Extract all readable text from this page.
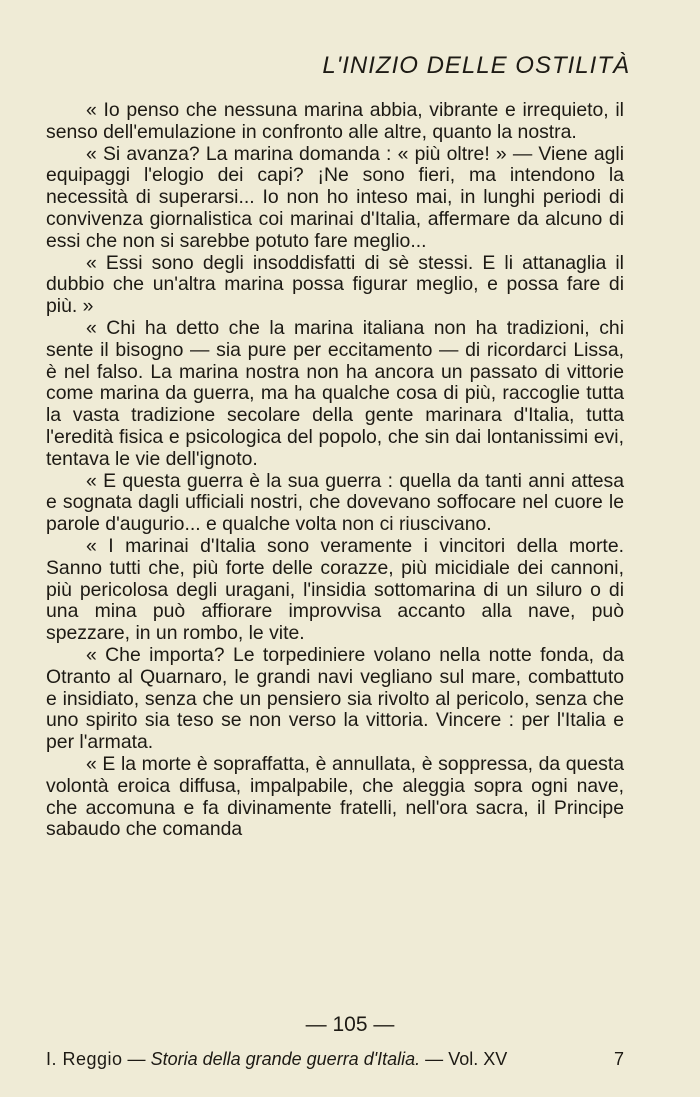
L'INIZIO DELLE OSTILITÀ

« Io penso che nessuna marina abbia, vibrante e irrequieto, il senso dell'emulazione in confronto alle altre, quanto la nostra.

« Si avanza? La marina domanda : « più oltre! » — Viene agli equipaggi l'elogio dei capi? ¡Ne sono fieri, ma intendono la necessità di superarsi... Io non ho inteso mai, in lunghi periodi di convivenza giornalistica coi marinai d'Italia, affermare da alcuno di essi che non si sarebbe potuto fare meglio...

« Essi sono degli insoddisfatti di sè stessi. E li attanaglia il dubbio che un'altra marina possa figurar meglio, e possa fare di più. »

« Chi ha detto che la marina italiana non ha tradizioni, chi sente il bisogno — sia pure per eccitamento — di ricordarci Lissa, è nel falso. La marina nostra non ha ancora un passato di vittorie come marina da guerra, ma ha qualche cosa di più, raccoglie tutta la vasta tradizione secolare della gente marinara d'Italia, tutta l'eredità fisica e psicologica del popolo, che sin dai lontanissimi evi, tentava le vie dell'ignoto.

« E questa guerra è la sua guerra : quella da tanti anni attesa e sognata dagli ufficiali nostri, che dovevano soffocare nel cuore le parole d'augurio... e qualche volta non ci riuscivano.

« I marinai d'Italia sono veramente i vincitori della morte. Sanno tutti che, più forte delle corazze, più micidiale dei cannoni, più pericolosa degli uragani, l'insidia sottomarina di un siluro o di una mina può affiorare improvvisa accanto alla nave, può spezzare, in un rombo, le vite.

« Che importa? Le torpediniere volano nella notte fonda, da Otranto al Quarnaro, le grandi navi vegliano sul mare, combattuto e insidiato, senza che un pensiero sia rivolto al pericolo, senza che uno spirito sia teso se non verso la vittoria. Vincere : per l'Italia e per l'armata.

« E la morte è sopraffatta, è annullata, è soppressa, da questa volontà eroica diffusa, impalpabile, che aleggia sopra ogni nave, che accomuna e fa divinamente fratelli, nell'ora sacra, il Principe sabaudo che comanda

— 105 —
I. Reggio — Storia della grande guerra d'Italia. — Vol. XV	7
